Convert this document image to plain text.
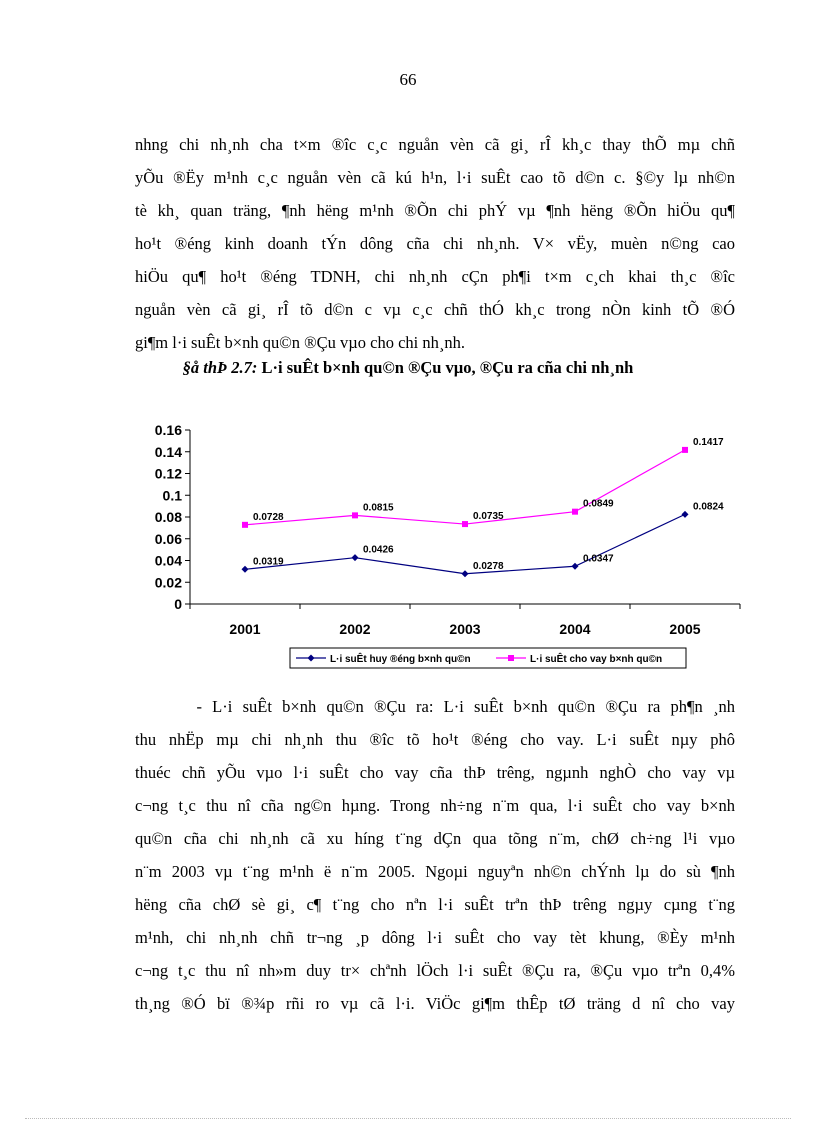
66
nhng chi nh¸nh cha t×m ®îc c¸c nguån vèn cã gi¸ rÎ kh¸c thay thÕ mµ chñ
yÕu ®Ëy m¹nh c¸c nguån vèn cã kú h¹n, l·i suÊt cao tõ d©n c. §©y lµ nh©n
tè kh¸ quan träng, ¶nh hëng m¹nh ®Õn chi phÝ vµ ¶nh hëng ®Õn hiÖu qu¶
ho¹t ®éng kinh doanh tÝn dông cña chi nh¸nh. V× vËy, muèn n©ng cao
hiÖu qu¶ ho¹t ®éng TDNH, chi nh¸nh cÇn ph¶i t×m c¸ch khai th¸c ®îc
nguån vèn cã gi¸ rÎ tõ d©n c vµ c¸c chñ thÓ kh¸c trong nÒn kinh tÕ ®Ó
gi¶m l·i suÊt b×nh qu©n ®Çu vµo cho chi nh¸nh.
§å thÞ 2.7: L·i suÊt b×nh qu©n ®Çu vµo, ®Çu ra cña chi nh¸nh
0
0.02
0.04
0.06
0.08
0.1
0.12
0.14
0.16
2001	2002	2003	2004	2005
0.0319
0.0426
0.0278
0.0347
0.0824
0.0728
0.0815
0.0735
0.0849
0.1417
L·i suÊt huy ®éng b×nh qu©n	L·i suÊt cho vay b×nh qu©n
- L·i suÊt b×nh qu©n ®Çu ra: L·i suÊt b×nh qu©n ®Çu ra ph¶n ¸nh
thu nhËp mµ chi nh¸nh thu ®îc tõ ho¹t ®éng cho vay. L·i suÊt nµy phô
thuéc chñ yÕu vµo l·i suÊt cho vay cña thÞ trêng, ngµnh nghÒ cho vay vµ
c¬ng t¸c thu nî cña ng©n hµng. Trong nh÷ng n¨m qua, l·i suÊt cho vay b×nh
qu©n cña chi nh¸nh cã xu híng t¨ng dÇn qua tõng n¨m, chØ ch÷ng l¹i vµo
n¨m 2003 vµ t¨ng m¹nh ë n¨m 2005. Ngoµi nguyªn nh©n chÝnh lµ do sù ¶nh
hëng cña chØ sè gi¸ c¶ t¨ng cho nªn l·i suÊt trªn thÞ trêng ngµy cµng t¨ng
m¹nh, chi nh¸nh chñ tr¬ng ¸p dông l·i suÊt cho vay tèt khung, ®Èy m¹nh
c¬ng t¸c thu nî nh»m duy tr× chªnh lÖch l·i suÊt ®Çu ra, ®Çu vµo trªn 0,4%
th¸ng ®Ó bï ®¾p rñi ro vµ cã l·i. ViÖc gi¶m thÊp tØ träng d nî cho vay
